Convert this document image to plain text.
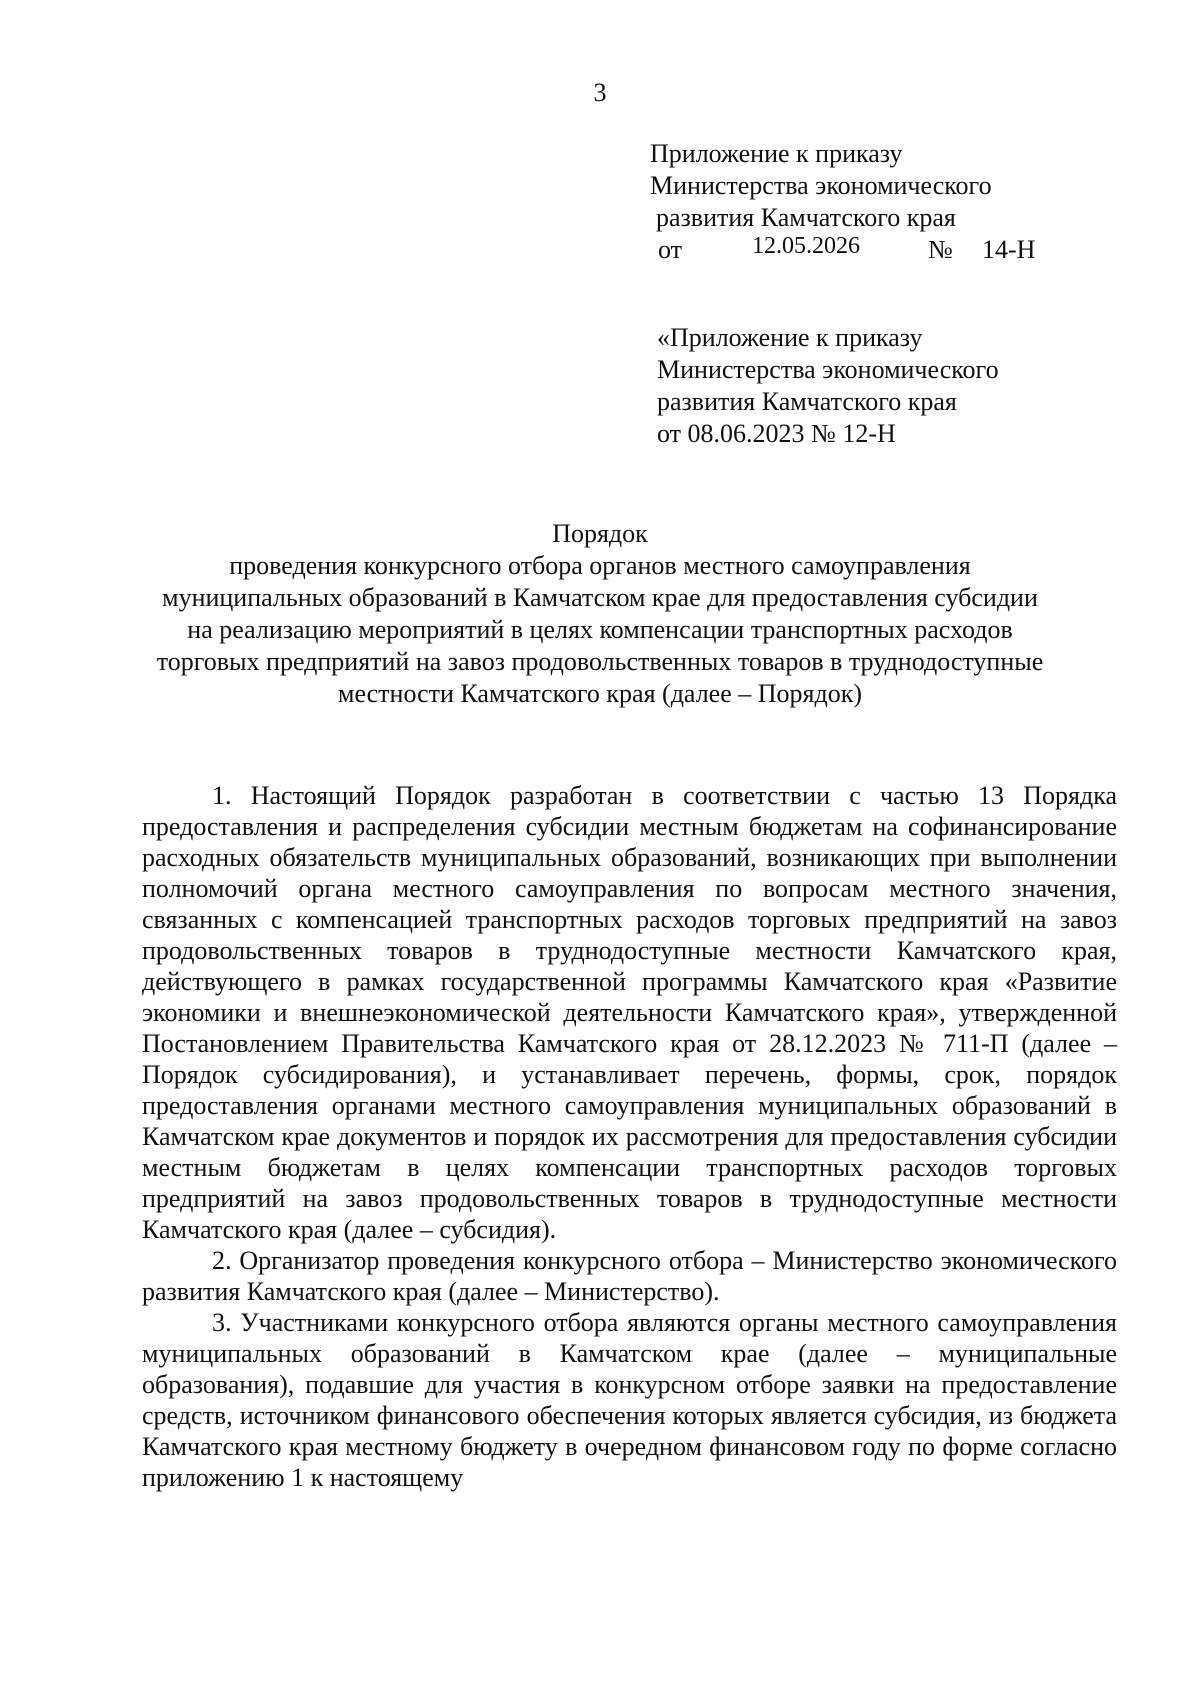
3
Приложение к приказу
Министерства экономического
развития Камчатского края
от	12.05.2026	№ 14-Н
«Приложение к приказу
Министерства экономического
развития Камчатского края
от 08.06.2023 № 12-Н
Порядок
проведения конкурсного отбора органов местного самоуправления
муниципальных образований в Камчатском крае для предоставления субсидии
на реализацию мероприятий в целях компенсации транспортных расходов
торговых предприятий на завоз продовольственных товаров в труднодоступные
местности Камчатского края (далее – Порядок)

1. Настоящий Порядок разработан в соответствии с частью 13 Порядка предоставления и распределения субсидии местным бюджетам на софинансирование расходных обязательств муниципальных образований, возникающих при выполнении полномочий органа местного самоуправления по вопросам местного значения, связанных с компенсацией транспортных расходов торговых предприятий на завоз продовольственных товаров в труднодоступные местности Камчатского края, действующего в рамках государственной программы Камчатского края «Развитие экономики и внешнеэкономической деятельности Камчатского края», утвержденной Постановлением Правительства Камчатского края от 28.12.2023 № 711-П (далее – Порядок субсидирования), и устанавливает перечень, формы, срок, порядок предоставления органами местного самоуправления муниципальных образований в Камчатском крае документов и порядок их рассмотрения для предоставления субсидии местным бюджетам в целях компенсации транспортных расходов торговых предприятий на завоз продовольственных товаров в труднодоступные местности Камчатского края (далее – субсидия).

2. Организатор проведения конкурсного отбора – Министерство экономического развития Камчатского края (далее – Министерство).

3. Участниками конкурсного отбора являются органы местного самоуправления муниципальных образований в Камчатском крае (далее – муниципальные образования), подавшие для участия в конкурсном отборе заявки на предоставление средств, источником финансового обеспечения которых является субсидия, из бюджета Камчатского края местному бюджету в очередном финансовом году по форме согласно приложению 1 к настоящему
